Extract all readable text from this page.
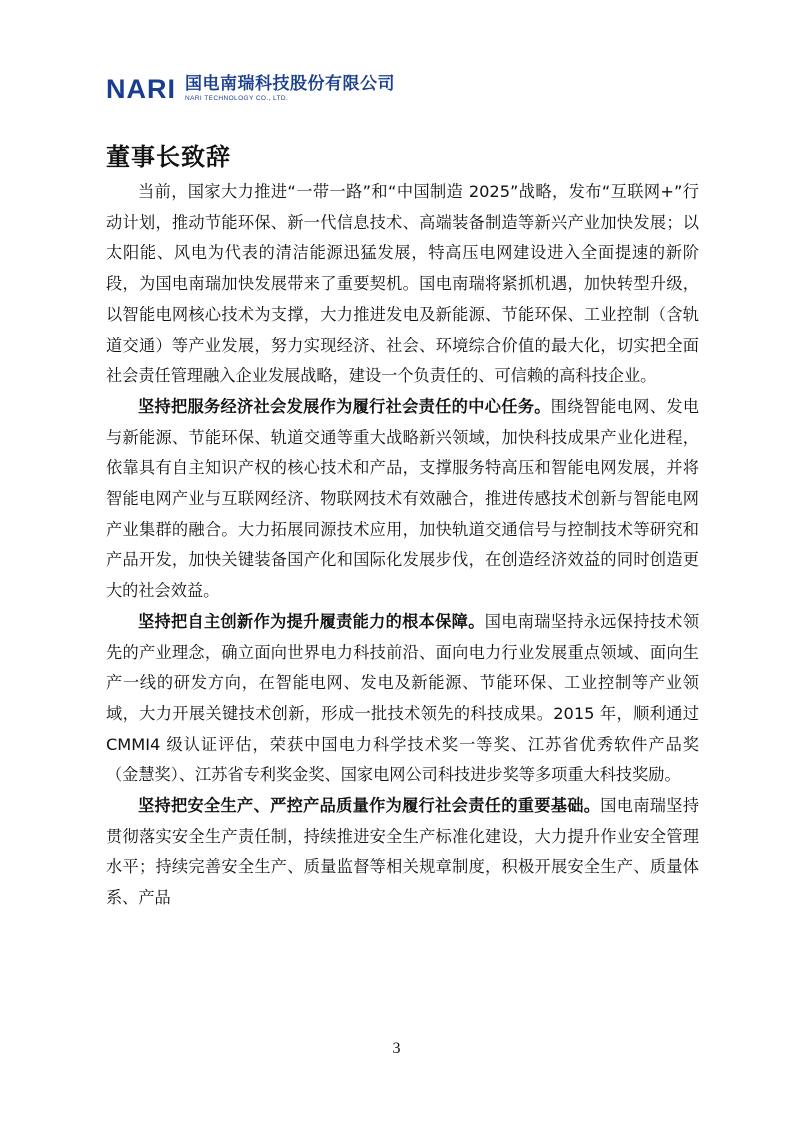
NARI 国电南瑞科技股份有限公司
NARI TECHNOLOGY CO., LTD.
董事长致辞

当前，国家大力推进“一带一路”和“中国制造 2025”战略，发布“互联网+”行动计划，推动节能环保、新一代信息技术、高端装备制造等新兴产业加快发展；以太阳能、风电为代表的清洁能源迅猛发展，特高压电网建设进入全面提速的新阶段，为国电南瑞加快发展带来了重要契机。国电南瑞将紧抓机遇，加快转型升级，以智能电网核心技术为支撑，大力推进发电及新能源、节能环保、工业控制（含轨道交通）等产业发展，努力实现经济、社会、环境综合价值的最大化，切实把全面社会责任管理融入企业发展战略，建设一个负责任的、可信赖的高科技企业。

坚持把服务经济社会发展作为履行社会责任的中心任务。围绕智能电网、发电与新能源、节能环保、轨道交通等重大战略新兴领域，加快科技成果产业化进程，依靠具有自主知识产权的核心技术和产品，支撑服务特高压和智能电网发展，并将智能电网产业与互联网经济、物联网技术有效融合，推进传感技术创新与智能电网产业集群的融合。大力拓展同源技术应用，加快轨道交通信号与控制技术等研究和产品开发，加快关键装备国产化和国际化发展步伐，在创造经济效益的同时创造更大的社会效益。

坚持把自主创新作为提升履责能力的根本保障。国电南瑞坚持永远保持技术领先的产业理念，确立面向世界电力科技前沿、面向电力行业发展重点领域、面向生产一线的研发方向，在智能电网、发电及新能源、节能环保、工业控制等产业领域，大力开展关键技术创新，形成一批技术领先的科技成果。2015 年，顺利通过 CMMI4 级认证评估，荣获中国电力科学技术奖一等奖、江苏省优秀软件产品奖（金慧奖）、江苏省专利奖金奖、国家电网公司科技进步奖等多项重大科技奖励。

坚持把安全生产、严控产品质量作为履行社会责任的重要基础。国电南瑞坚持贯彻落实安全生产责任制，持续推进安全生产标准化建设，大力提升作业安全管理水平；持续完善安全生产、质量监督等相关规章制度，积极开展安全生产、质量体系、产品

3
